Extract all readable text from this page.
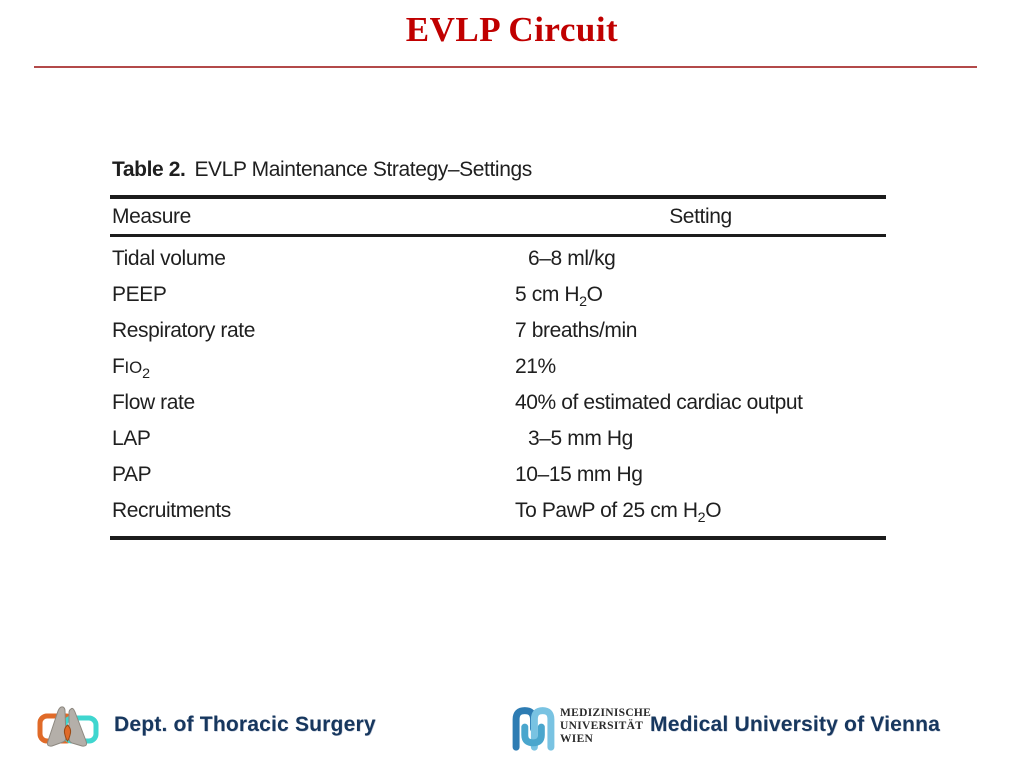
EVLP Circuit
Table 2. EVLP Maintenance Strategy–Settings
Measure	Setting
Tidal volume	6–8 ml/kg
PEEP	5 cm $H_2O$
Respiratory rate	7 breaths/min
$FIO_2$	21%
Flow rate	40% of estimated cardiac output
LAP	3–5 mm Hg
PAP	10–15 mm Hg
Recruitments	To PawP of 25 cm $H_2O$
Dept. of Thoracic Surgery	MEDIZINISCHE
UNIVERSITÄT
WIEN
Medical University of Vienna
